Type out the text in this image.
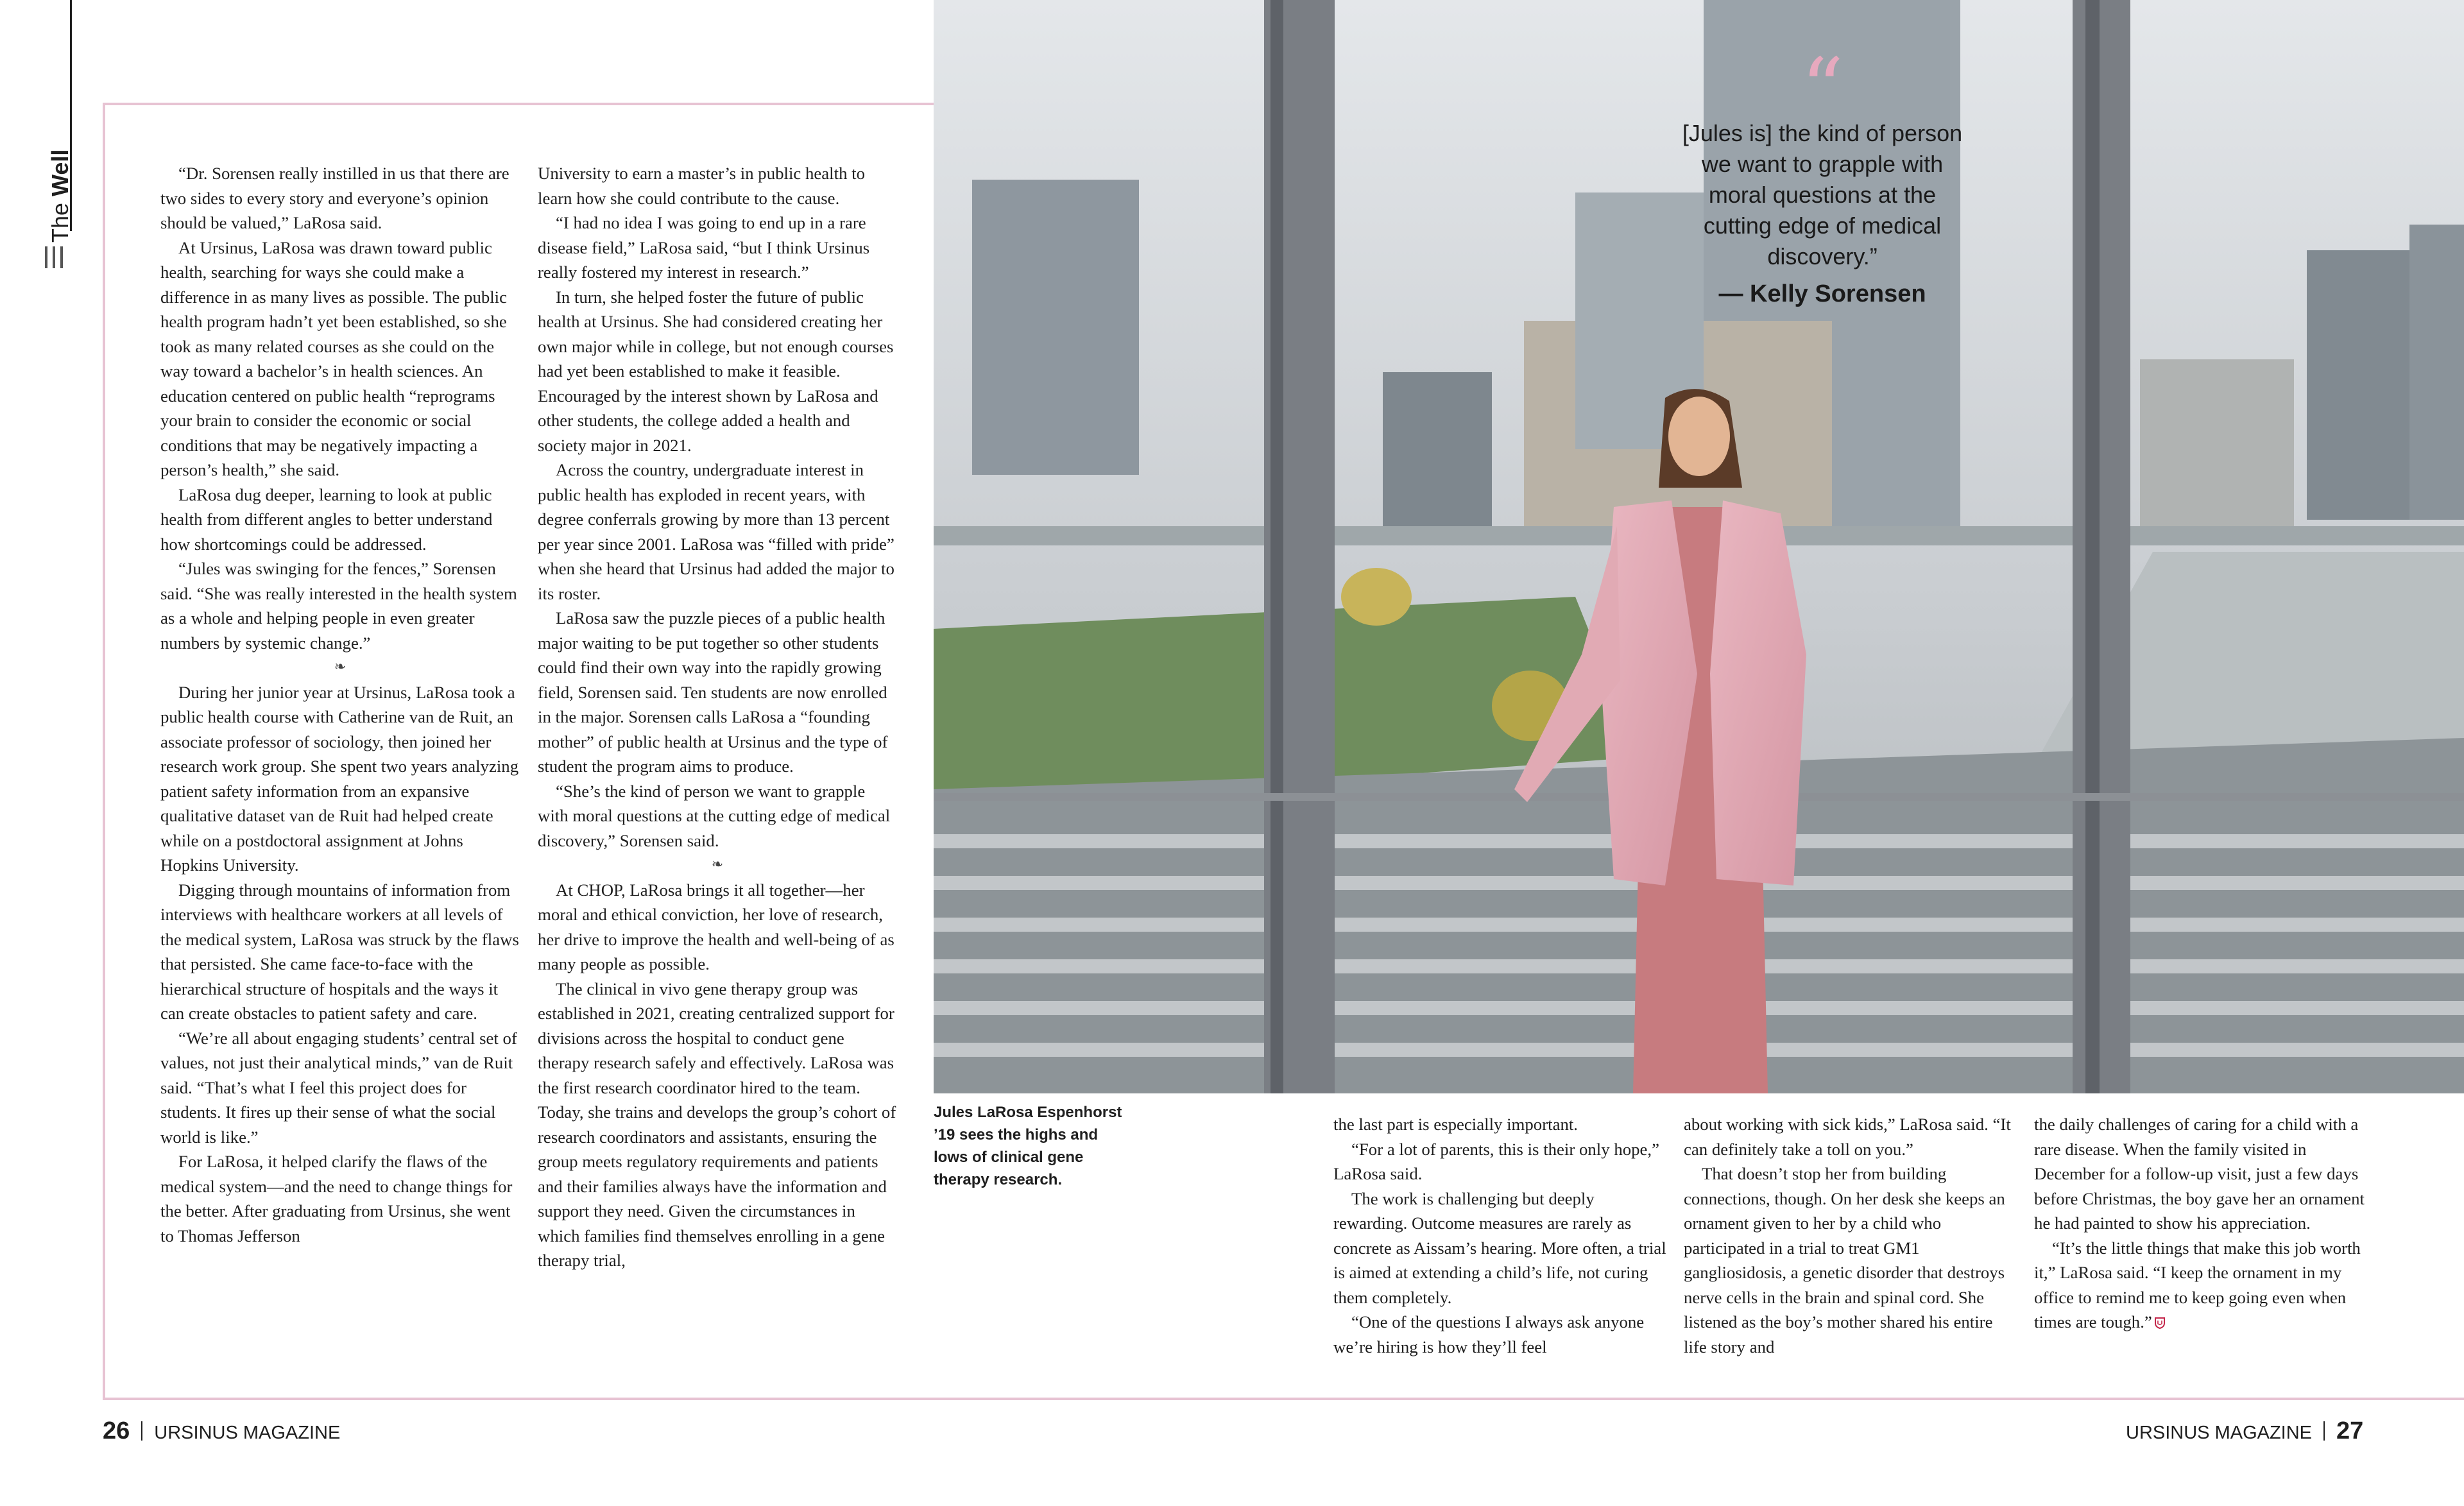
The Well	“Dr. Sorensen really instilled in us that there are two sides to every story and everyone’s opinion should be valued,” LaRosa said.

At Ursinus, LaRosa was drawn toward public health, searching for ways she could make a difference in as many lives as possible. The public health program hadn’t yet been established, so she took as many related courses as she could on the way toward a bachelor’s in health sciences. An education centered on public health “reprograms your brain to consider the economic or social conditions that may be negatively impacting a person’s health,” she said.

LaRosa dug deeper, learning to look at public health from different angles to better understand how shortcomings could be addressed.

“Jules was swinging for the fences,” Sorensen said. “She was really interested in the health system as a whole and helping people in even greater numbers by systemic change.”

❧

During her junior year at Ursinus, LaRosa took a public health course with Catherine van de Ruit, an associate professor of sociology, then joined her research work group. She spent two years analyzing patient safety information from an expansive qualitative dataset van de Ruit had helped create while on a postdoctoral assignment at Johns Hopkins University.

Digging through mountains of information from interviews with healthcare workers at all levels of the medical system, LaRosa was struck by the flaws that persisted. She came face-to-face with the hierarchical structure of hospitals and the ways it can create obstacles to patient safety and care.

“We’re all about engaging students’ central set of values, not just their analytical minds,” van de Ruit said. “That’s what I feel this project does for students. It fires up their sense of what the social world is like.”

For LaRosa, it helped clarify the flaws of the medical system—and the need to change things for the better. After graduating from Ursinus, she went to Thomas Jefferson

University to earn a master’s in public health to learn how she could contribute to the cause.

“I had no idea I was going to end up in a rare disease field,” LaRosa said, “but I think Ursinus really fostered my interest in research.”

In turn, she helped foster the future of public health at Ursinus. She had considered creating her own major while in college, but not enough courses had yet been established to make it feasible. Encouraged by the interest shown by LaRosa and other students, the college added a health and society major in 2021.

Across the country, undergraduate interest in public health has exploded in recent years, with degree conferrals growing by more than 13 percent per year since 2001. LaRosa was “filled with pride” when she heard that Ursinus had added the major to its roster.

LaRosa saw the puzzle pieces of a public health major waiting to be put together so other students could find their own way into the rapidly growing field, Sorensen said. Ten students are now enrolled in the major. Sorensen calls LaRosa a “founding mother” of public health at Ursinus and the type of student the program aims to produce.

“She’s the kind of person we want to grapple with moral questions at the cutting edge of medical discovery,” Sorensen said.

❧

At CHOP, LaRosa brings it all together—her moral and ethical conviction, her love of research, her drive to improve the health and well-being of as many people as possible.

The clinical in vivo gene therapy group was established in 2021, creating centralized support for divisions across the hospital to conduct gene therapy research safely and effectively. LaRosa was the first research coordinator hired to the team. Today, she trains and develops the group’s cohort of research coordinators and assistants, ensuring the group meets regulatory requirements and patients and their families always have the information and support they need. Given the circumstances in which families find themselves enrolling in a gene therapy trial,

“
[Jules is] the kind of person we want to grapple with moral questions at the cutting edge of medical discovery.”
— Kelly Sorensen
Jules LaRosa Espenhorst ’19 sees the highs and lows of clinical gene therapy research.

the last part is especially important.

“For a lot of parents, this is their only hope,” LaRosa said.

The work is challenging but deeply rewarding. Outcome measures are rarely as concrete as Aissam’s hearing. More often, a trial is aimed at extending a child’s life, not curing them completely.

“One of the questions I always ask anyone we’re hiring is how they’ll feel

about working with sick kids,” LaRosa said. “It can definitely take a toll on you.”

That doesn’t stop her from building connections, though. On her desk she keeps an ornament given to her by a child who participated in a trial to treat GM1 gangliosidosis, a genetic disorder that destroys nerve cells in the brain and spinal cord. She listened as the boy’s mother shared his entire life story and

the daily challenges of caring for a child with a rare disease. When the family visited in December for a follow-up visit, just a few days before Christmas, the boy gave her an ornament he had painted to show his appreciation.

“It’s the little things that make this job worth it,” LaRosa said. “I keep the ornament in my office to remind me to keep going even when times are tough.”

26 URSINUS MAGAZINE	URSINUS MAGAZINE 27
